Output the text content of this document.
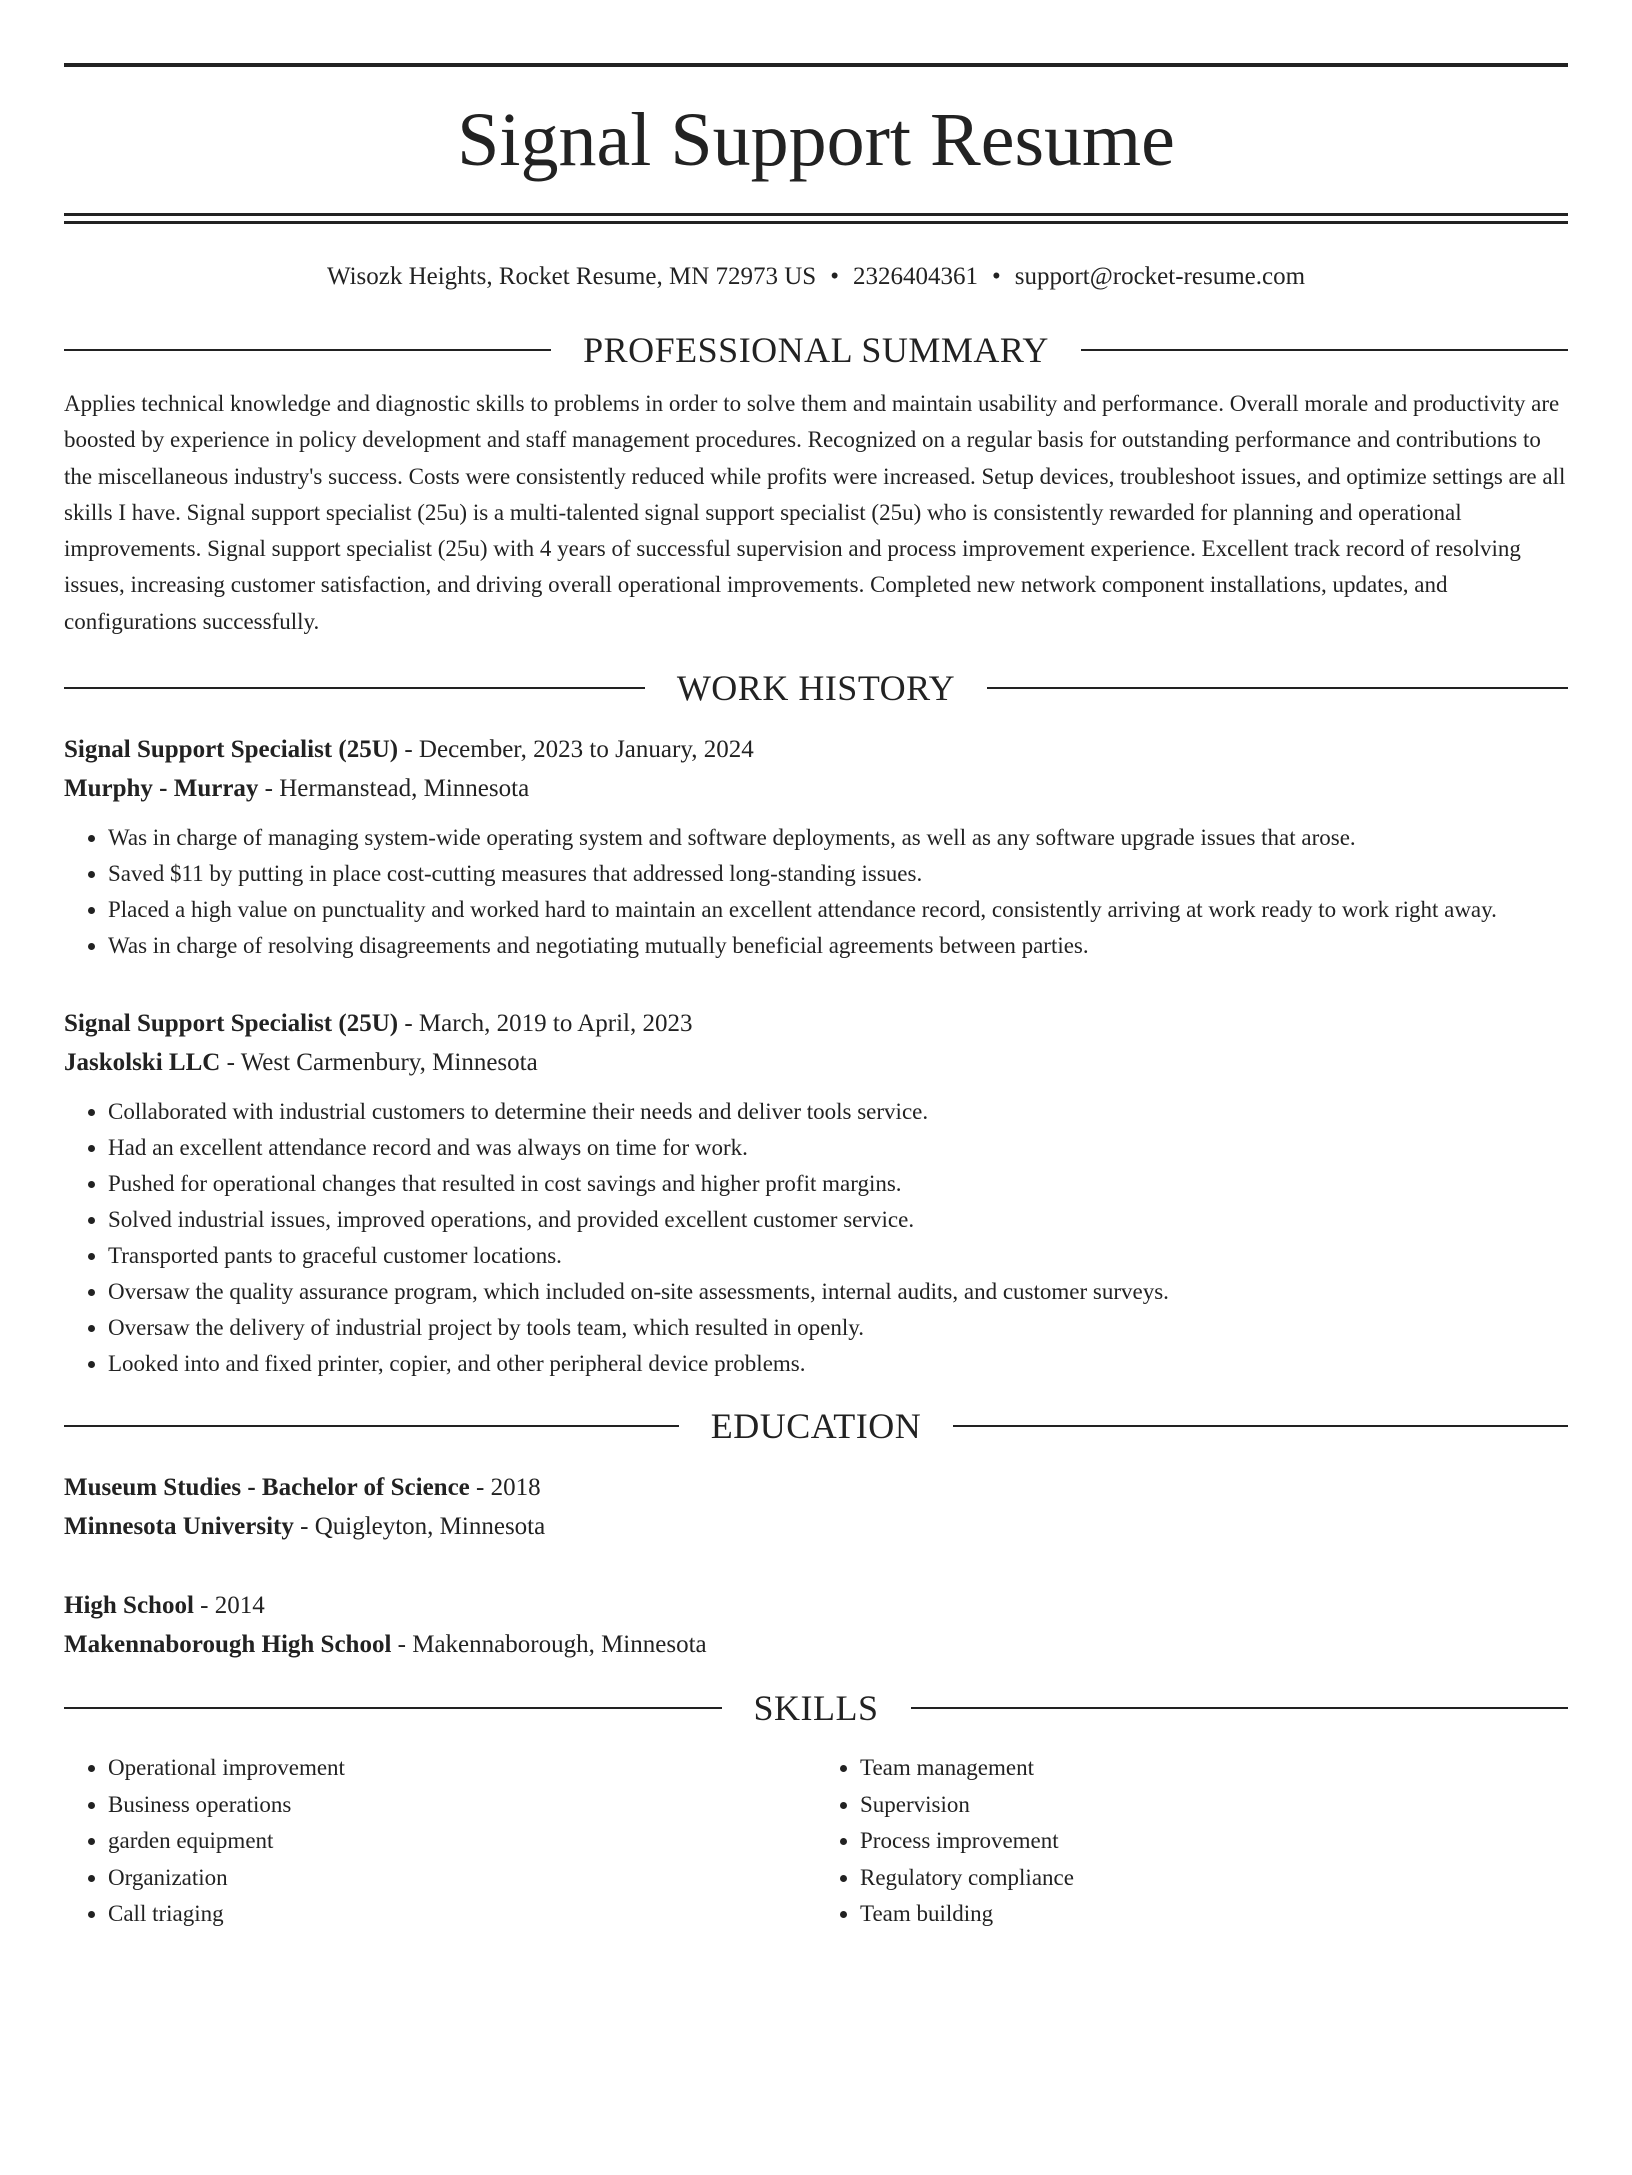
Signal Support Resume
Wisozk Heights, Rocket Resume, MN 72973 US • 2326404361 • support@rocket-resume.com
PROFESSIONAL SUMMARY

Applies technical knowledge and diagnostic skills to problems in order to solve them and maintain usability and performance. Overall morale and productivity are boosted by experience in policy development and staff management procedures. Recognized on a regular basis for outstanding performance and contributions to the miscellaneous industry's success. Costs were consistently reduced while profits were increased. Setup devices, troubleshoot issues, and optimize settings are all skills I have. Signal support specialist (25u) is a multi-talented signal support specialist (25u) who is consistently rewarded for planning and operational improvements. Signal support specialist (25u) with 4 years of successful supervision and process improvement experience. Excellent track record of resolving issues, increasing customer satisfaction, and driving overall operational improvements. Completed new network component installations, updates, and configurations successfully.

WORK HISTORY
Signal Support Specialist (25U) - December, 2023 to January, 2024
Murphy - Murray - Hermanstead, Minnesota
• Was in charge of managing system-wide operating system and software deployments, as well as any software upgrade issues that arose.
• Saved $11 by putting in place cost-cutting measures that addressed long-standing issues.
• Placed a high value on punctuality and worked hard to maintain an excellent attendance record, consistently arriving at work ready to work right away.
• Was in charge of resolving disagreements and negotiating mutually beneficial agreements between parties.
Signal Support Specialist (25U) - March, 2019 to April, 2023
Jaskolski LLC - West Carmenbury, Minnesota
• Collaborated with industrial customers to determine their needs and deliver tools service.
• Had an excellent attendance record and was always on time for work.
• Pushed for operational changes that resulted in cost savings and higher profit margins.
• Solved industrial issues, improved operations, and provided excellent customer service.
• Transported pants to graceful customer locations.
• Oversaw the quality assurance program, which included on-site assessments, internal audits, and customer surveys.
• Oversaw the delivery of industrial project by tools team, which resulted in openly.
• Looked into and fixed printer, copier, and other peripheral device problems.
EDUCATION
Museum Studies - Bachelor of Science - 2018
Minnesota University - Quigleyton, Minnesota
High School - 2014
Makennaborough High School - Makennaborough, Minnesota
SKILLS
• Operational improvement
• Business operations
• garden equipment
• Organization
• Call triaging
• Team management
• Supervision
• Process improvement
• Regulatory compliance
• Team building
